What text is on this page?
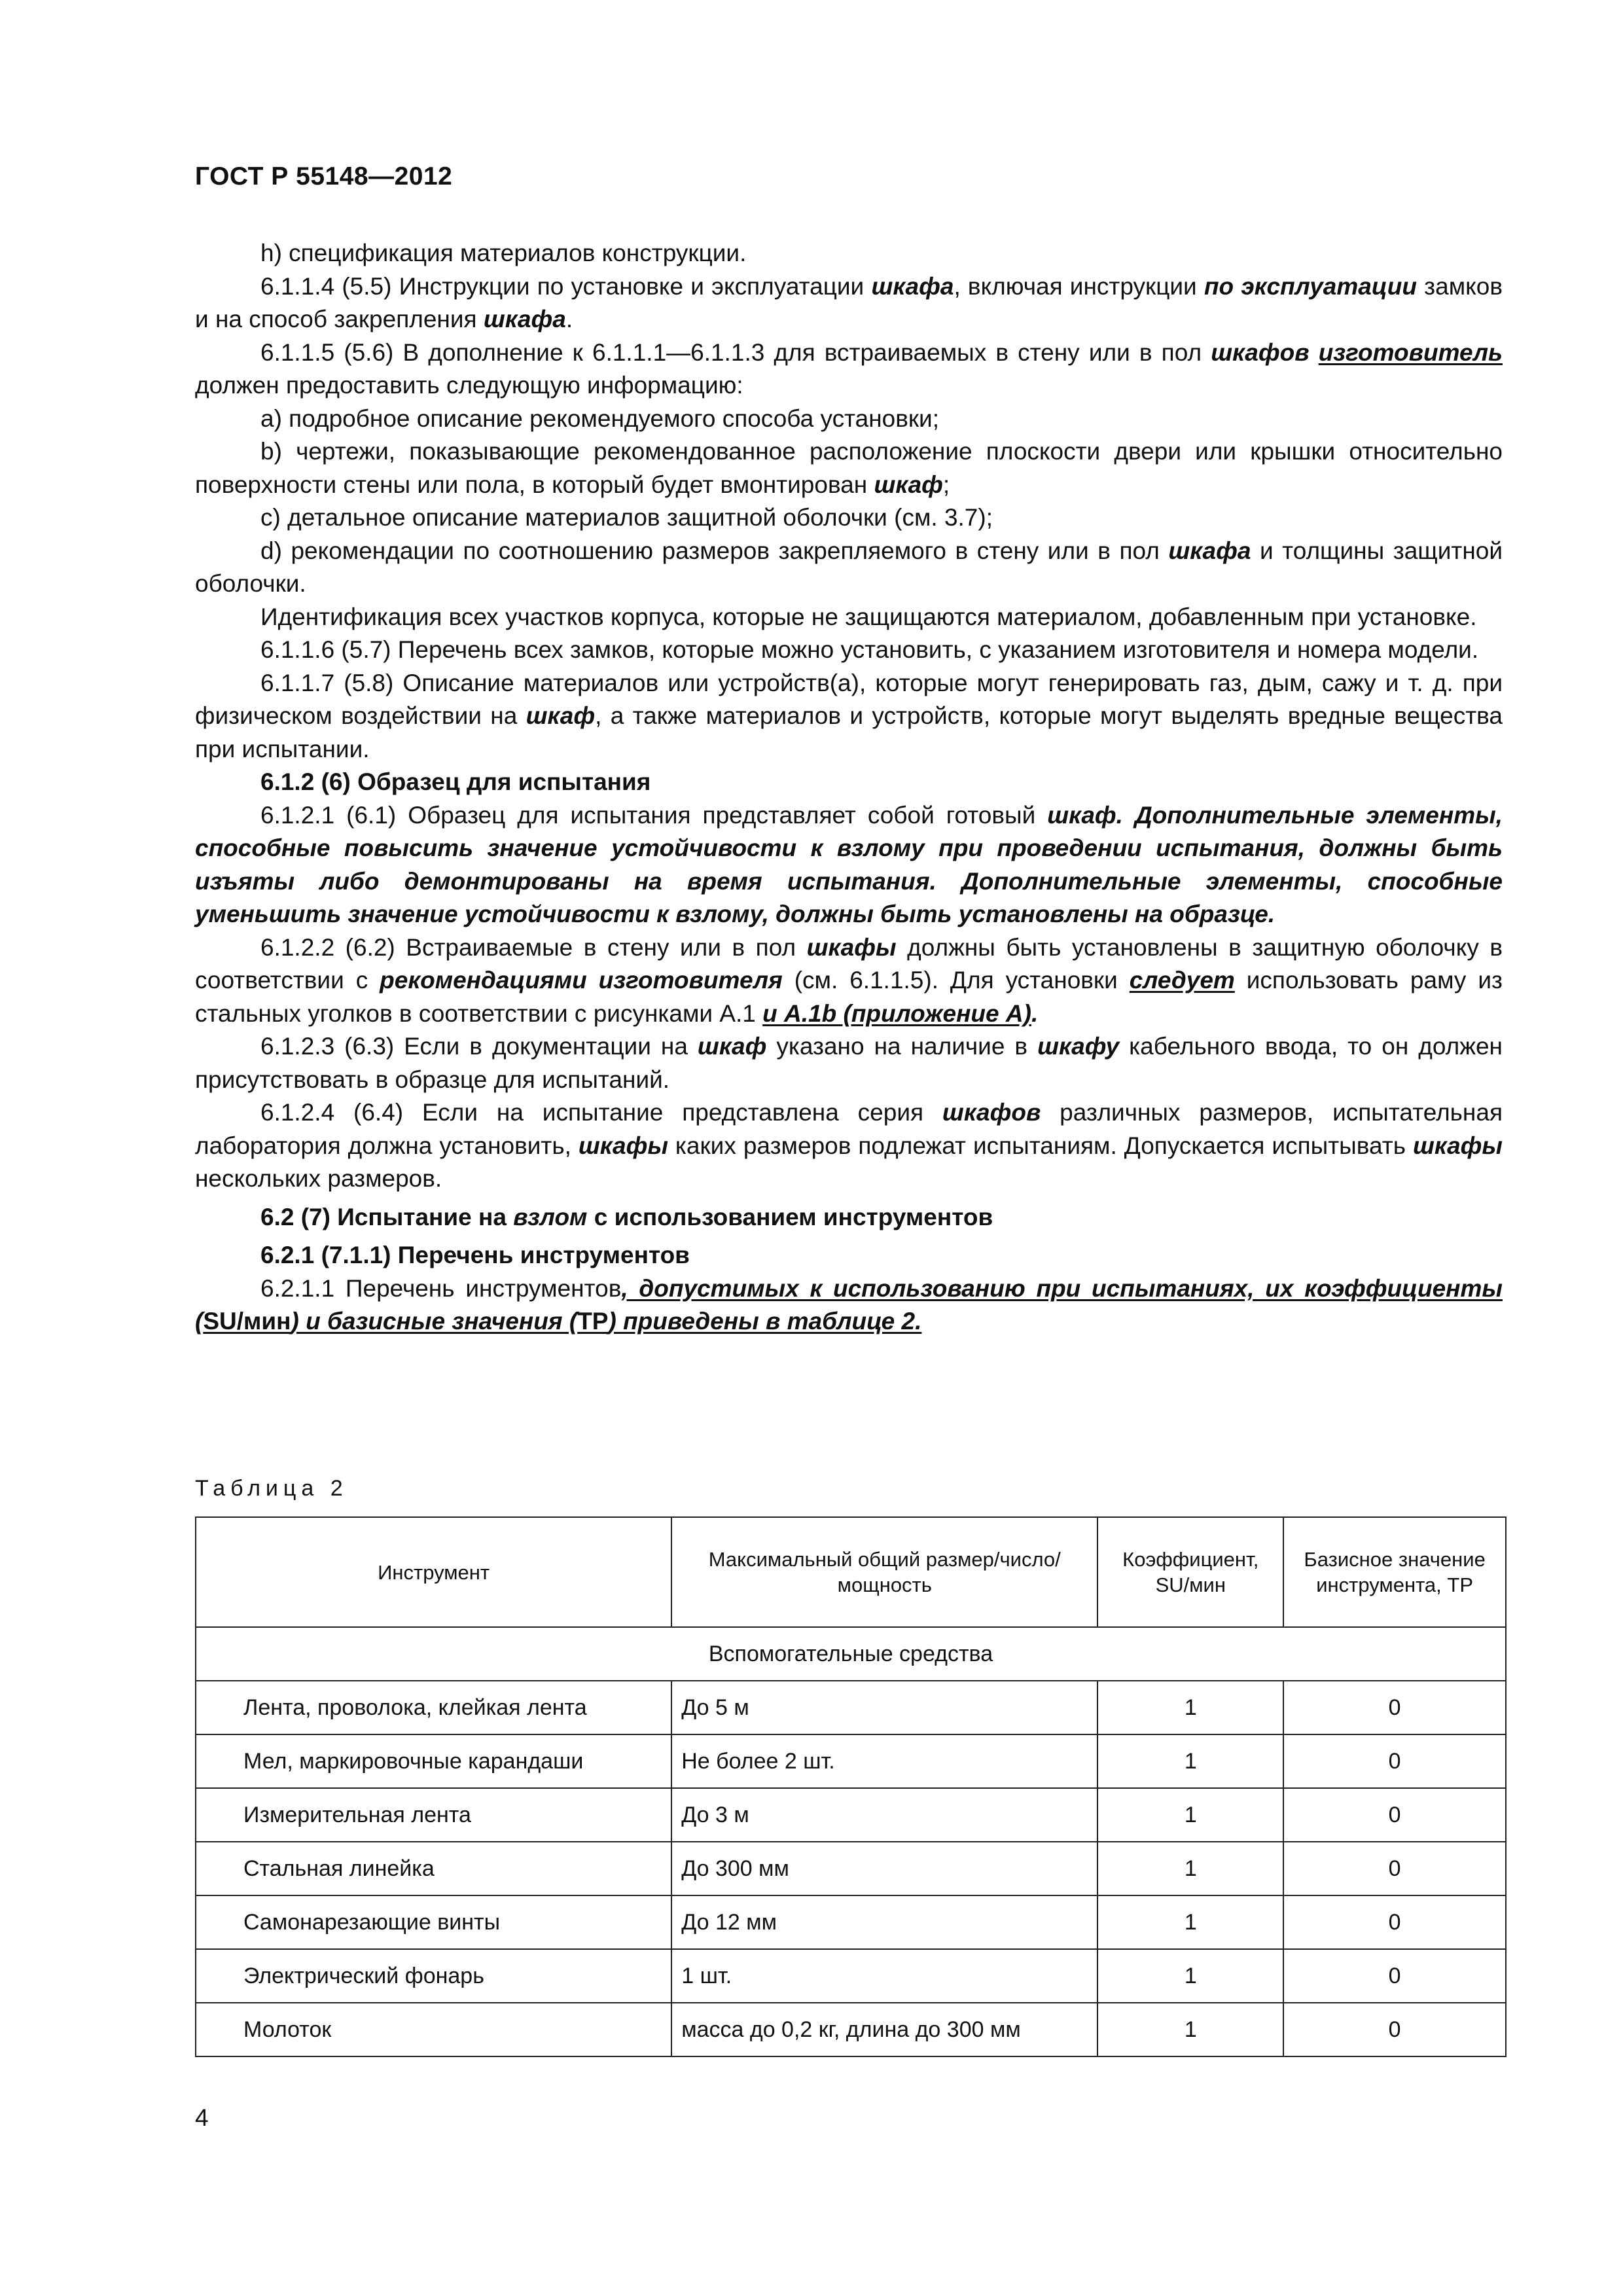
ГОСТ Р 55148—2012

h) спецификация материалов конструкции.

6.1.1.4 (5.5) Инструкции по установке и эксплуатации шкафа, включая инструкции по эксплуатации замков и на способ закрепления шкафа.

6.1.1.5 (5.6) В дополнение к 6.1.1.1—6.1.1.3 для встраиваемых в стену или в пол шкафов изготовитель должен предоставить следующую информацию:

a) подробное описание рекомендуемого способа установки;

b) чертежи, показывающие рекомендованное расположение плоскости двери или крышки относительно поверхности стены или пола, в который будет вмонтирован шкаф;

c) детальное описание материалов защитной оболочки (см. 3.7);

d) рекомендации по соотношению размеров закрепляемого в стену или в пол шкафа и толщины защитной оболочки.

Идентификация всех участков корпуса, которые не защищаются материалом, добавленным при установке.

6.1.1.6 (5.7) Перечень всех замков, которые можно установить, с указанием изготовителя и номера модели.

6.1.1.7 (5.8) Описание материалов или устройств(а), которые могут генерировать газ, дым, сажу и т. д. при физическом воздействии на шкаф, а также материалов и устройств, которые могут выделять вредные вещества при испытании.

6.1.2 (6) Образец для испытания

6.1.2.1 (6.1) Образец для испытания представляет собой готовый шкаф. Дополнительные элементы, способные повысить значение устойчивости к взлому при проведении испытания, должны быть изъяты либо демонтированы на время испытания. Дополнительные элементы, способные уменьшить значение устойчивости к взлому, должны быть установлены на образце.

6.1.2.2 (6.2) Встраиваемые в стену или в пол шкафы должны быть установлены в защитную оболочку в соответствии с рекомендациями изготовителя (см. 6.1.1.5). Для установки следует использовать раму из стальных уголков в соответствии с рисунками А.1 и A.1b (приложение А).

6.1.2.3 (6.3) Если в документации на шкаф указано на наличие в шкафу кабельного ввода, то он должен присутствовать в образце для испытаний.

6.1.2.4 (6.4) Если на испытание представлена серия шкафов различных размеров, испытательная лаборатория должна установить, шкафы каких размеров подлежат испытаниям. Допускается испытывать шкафы нескольких размеров.

6.2 (7) Испытание на взлом с использованием инструментов

6.2.1 (7.1.1) Перечень инструментов

6.2.1.1 Перечень инструментов, допустимых к использованию при испытаниях, их коэффициенты (SU/мин) и базисные значения (TP) приведены в таблице 2.

Таблица 2
Инструмент	Максимальный общий размер/число/ мощность	Коэффициент, SU/мин	Базисное значение инструмента, TP
Вспомогательные средства			
Лента, проволока, клейкая лента	До 5 м	1	0
Мел, маркировочные карандаши	Не более 2 шт.	1	0
Измерительная лента	До 3 м	1	0
Стальная линейка	До 300 мм	1	0
Самонарезающие винты	До 12 мм	1	0
Электрический фонарь	1 шт.	1	0
Молоток	масса до 0,2 кг, длина до 300 мм	1	0
4
